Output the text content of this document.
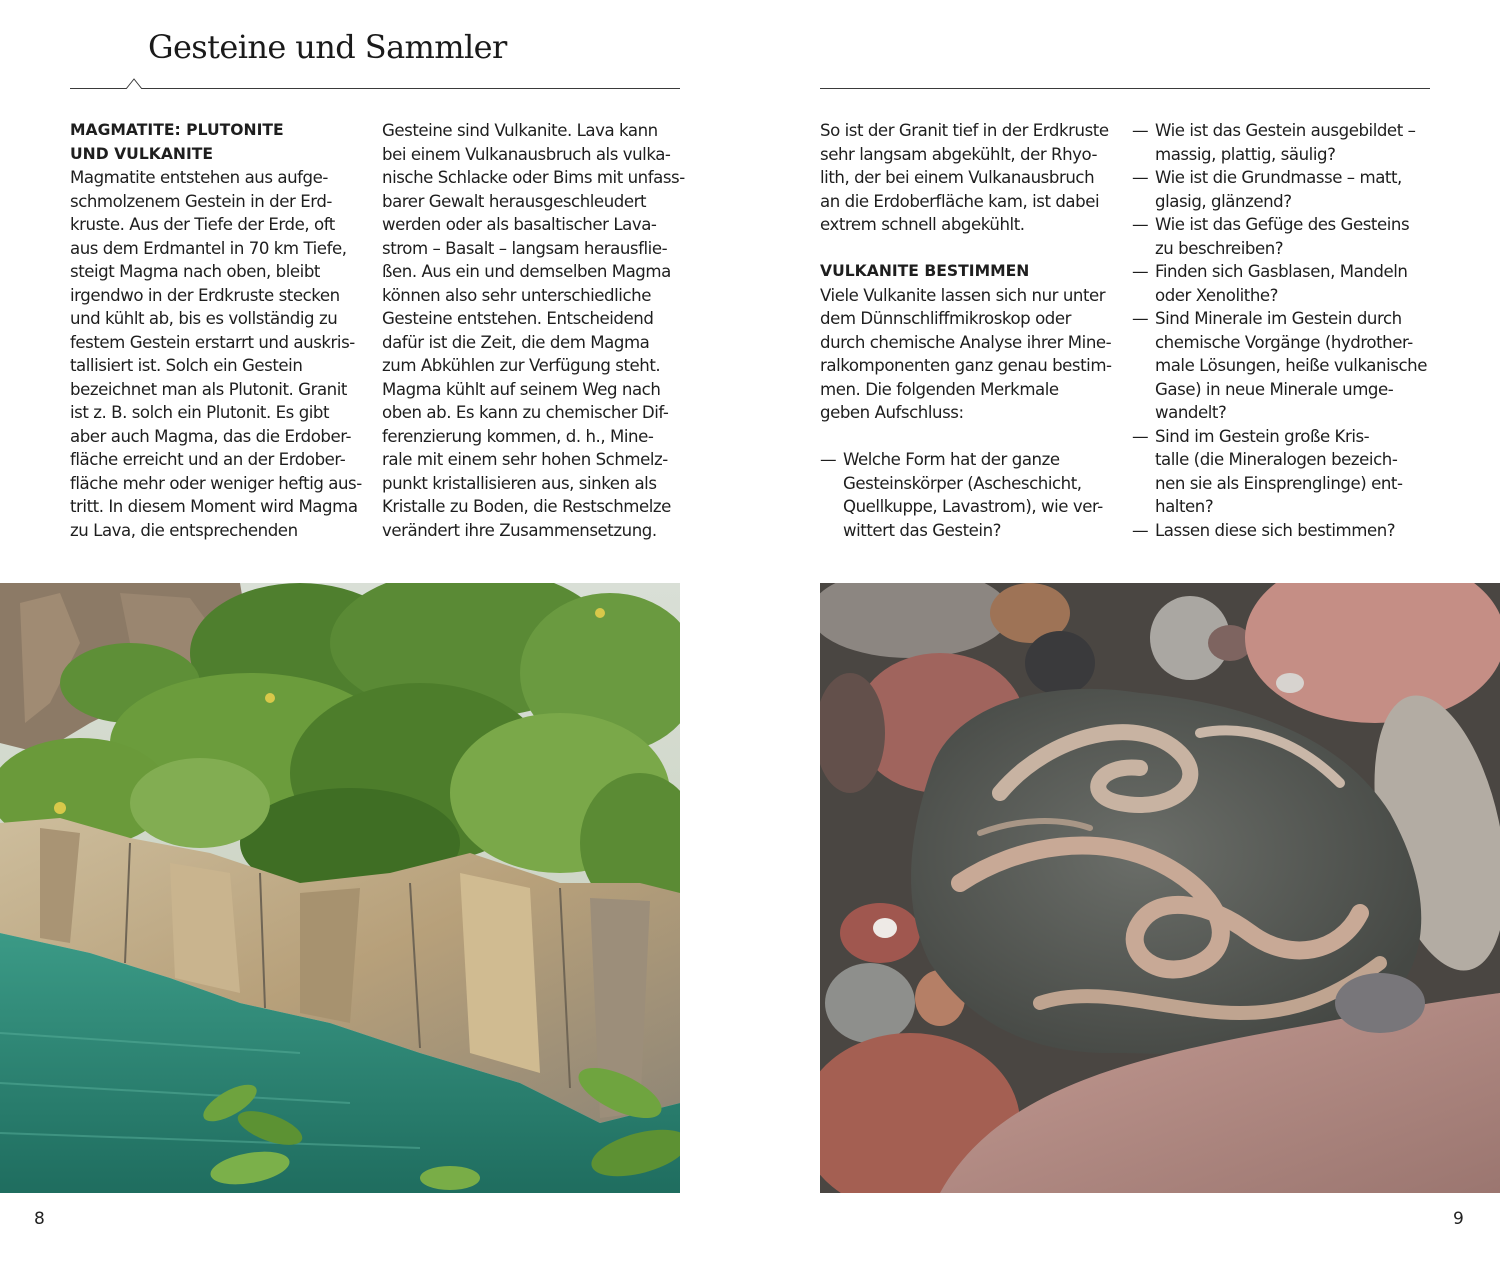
Gesteine und Sammler
MAGMATITE: PLUTONITE
UND VULKANITE
Magmatite entstehen aus aufge-
schmolzenem Gestein in der Erd-
kruste. Aus der Tiefe der Erde, oft
aus dem Erdmantel in 70 km Tiefe,
steigt Magma nach oben, bleibt
irgendwo in der Erdkruste stecken
und kühlt ab, bis es vollständig zu
festem Gestein erstarrt und auskris-
tallisiert ist. Solch ein Gestein
bezeichnet man als Plutonit. Granit
ist z. B. solch ein Plutonit. Es gibt
aber auch Magma, das die Erdober-
fläche erreicht und an der Erdober-
fläche mehr oder weniger heftig aus-
tritt. In diesem Moment wird Magma
zu Lava, die entsprechenden
Gesteine sind Vulkanite. Lava kann
bei einem Vulkanausbruch als vulka-
nische Schlacke oder Bims mit unfass-
barer Gewalt herausgeschleudert
werden oder als basaltischer Lava-
strom – Basalt – langsam herausflie-
ßen. Aus ein und demselben Magma
können also sehr unterschiedliche
Gesteine entstehen. Entscheidend
dafür ist die Zeit, die dem Magma
zum Abkühlen zur Verfügung steht.
Magma kühlt auf seinem Weg nach
oben ab. Es kann zu chemischer Dif-
ferenzierung kommen, d. h., Mine-
rale mit einem sehr hohen Schmelz-
punkt kristallisieren aus, sinken als
Kristalle zu Boden, die Restschmelze
verändert ihre Zusammensetzung.
So ist der Granit tief in der Erdkruste
sehr langsam abgekühlt, der Rhyo-
lith, der bei einem Vulkanausbruch
an die Erdoberfläche kam, ist dabei
extrem schnell abgekühlt.
VULKANITE BESTIMMEN
Viele Vulkanite lassen sich nur unter
dem Dünnschliffmikroskop oder
durch chemische Analyse ihrer Mine-
ralkomponenten ganz genau bestim-
men. Die folgenden Merkmale
geben Aufschluss:
— Welche Form hat der ganze
Gesteinskörper (Ascheschicht,
Quellkuppe, Lavastrom), wie ver-
wittert das Gestein?
— Wie ist das Gestein ausgebildet –
massig, plattig, säulig?
— Wie ist die Grundmasse – matt,
glasig, glänzend?
— Wie ist das Gefüge des Gesteins
zu beschreiben?
— Finden sich Gasblasen, Mandeln
oder Xenolithe?
— Sind Minerale im Gestein durch
chemische Vorgänge (hydrother-
male Lösungen, heiße vulkanische
Gase) in neue Minerale umge-
wandelt?
— Sind im Gestein große Kris-
talle (die Mineralogen bezeich-
nen sie als Einsprenglinge) ent-
halten?
— Lassen diese sich bestimmen?
8	9
